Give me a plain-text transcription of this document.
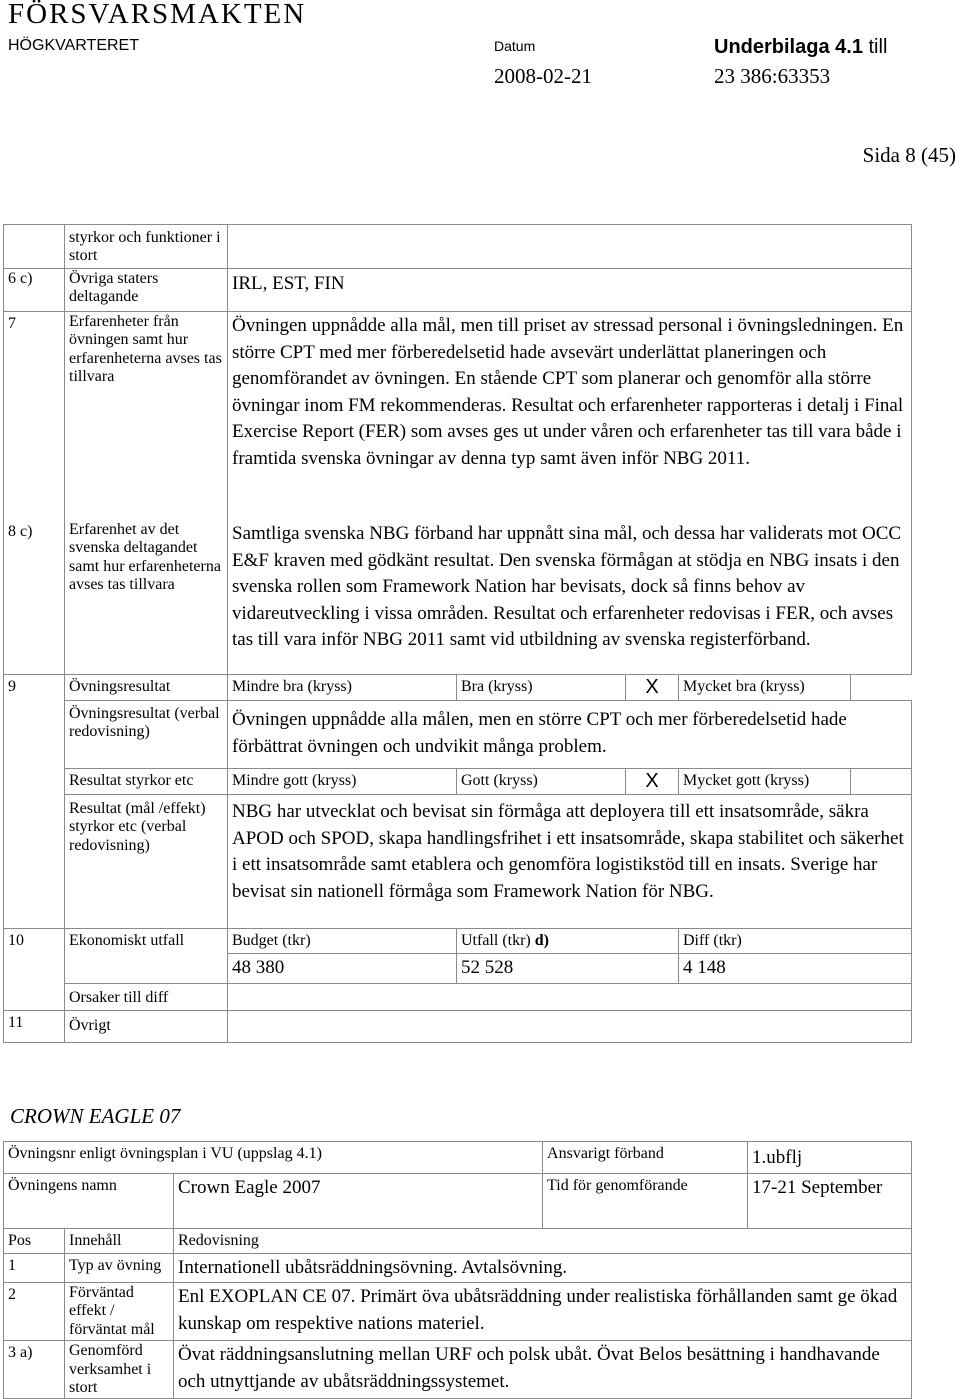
FÖRSVARSMAKTEN
HÖGKVARTERET	Datum
2008-02-21
Underbilaga 4.1 till
23 386:63353
Sida 8 (45)
	styrkor och funktioner i stort					
6 c)	Övriga staters deltagande	IRL, EST, FIN				
7	Erfarenheter från övningen samt hur erfarenheterna avses tas tillvara	Övningen uppnådde alla mål, men till priset av stressad personal i övningsledningen. En större CPT med mer förberedelsetid hade avsevärt underlättat planeringen och genomförandet av övningen. En stående CPT som planerar och genomför alla större övningar inom FM rekommenderas. Resultat och erfarenheter rapporteras i detalj i Final Exercise Report (FER) som avses ges ut under våren och erfarenheter tas till vara både i framtida svenska övningar av denna typ samt även inför NBG 2011.				
8 c)	Erfarenhet av det svenska deltagandet samt hur erfarenheterna avses tas tillvara	Samtliga svenska NBG förband har uppnått sina mål, och dessa har validerats mot OCC E&F kraven med gödkänt resultat. Den svenska förmågan at stödja en NBG insats i den svenska rollen som Framework Nation har bevisats, dock så finns behov av vidareutveckling i vissa områden. Resultat och erfarenheter redovisas i FER, och avses tas till vara inför NBG 2011 samt vid utbildning av svenska registerförband.				
9	Övningsresultat	Mindre bra (kryss)	Bra (kryss)	X	Mycket bra (kryss)	
	Övningsresultat (verbal redovisning)	Övningen uppnådde alla målen, men en större CPT och mer förberedelsetid hade förbättrat övningen och undvikit många problem.				
	Resultat styrkor etc	Mindre gott (kryss)	Gott (kryss)	X	Mycket gott (kryss)	
	Resultat (mål /effekt) styrkor etc (verbal redovisning)	NBG har utvecklat och bevisat sin förmåga att deployera till ett insatsområde, säkra APOD och SPOD, skapa handlingsfrihet i ett insatsområde, skapa stabilitet och säkerhet i ett insatsområde samt etablera och genomföra logistikstöd till en insats. Sverige har bevisat sin nationell förmåga som Framework Nation för NBG.				
10	Ekonomiskt utfall	Budget (tkr)	Utfall (tkr) d)		Diff (tkr)	
		48 380	52 528		4 148	
	Orsaker till diff					
11	Övrigt					
CROWN EAGLE 07
Övningsnr enligt övningsplan i VU (uppslag 4.1)			Ansvarigt förband	1.ubflj
Övningens namn		Crown Eagle 2007	Tid för genomförande	17-21 September
Pos	Innehåll	Redovisning		
1	Typ av övning	Internationell ubåtsräddningsövning. Avtalsövning.		
2	Förväntad effekt / förväntat mål	Enl EXOPLAN CE 07. Primärt öva ubåtsräddning under realistiska förhållanden samt ge ökad kunskap om respektive nations materiel.		
3 a)	Genomförd verksamhet i stort	Övat räddningsanslutning mellan URF och polsk ubåt. Övat Belos besättning i handhavande och utnyttjande av ubåtsräddningssystemet.		
